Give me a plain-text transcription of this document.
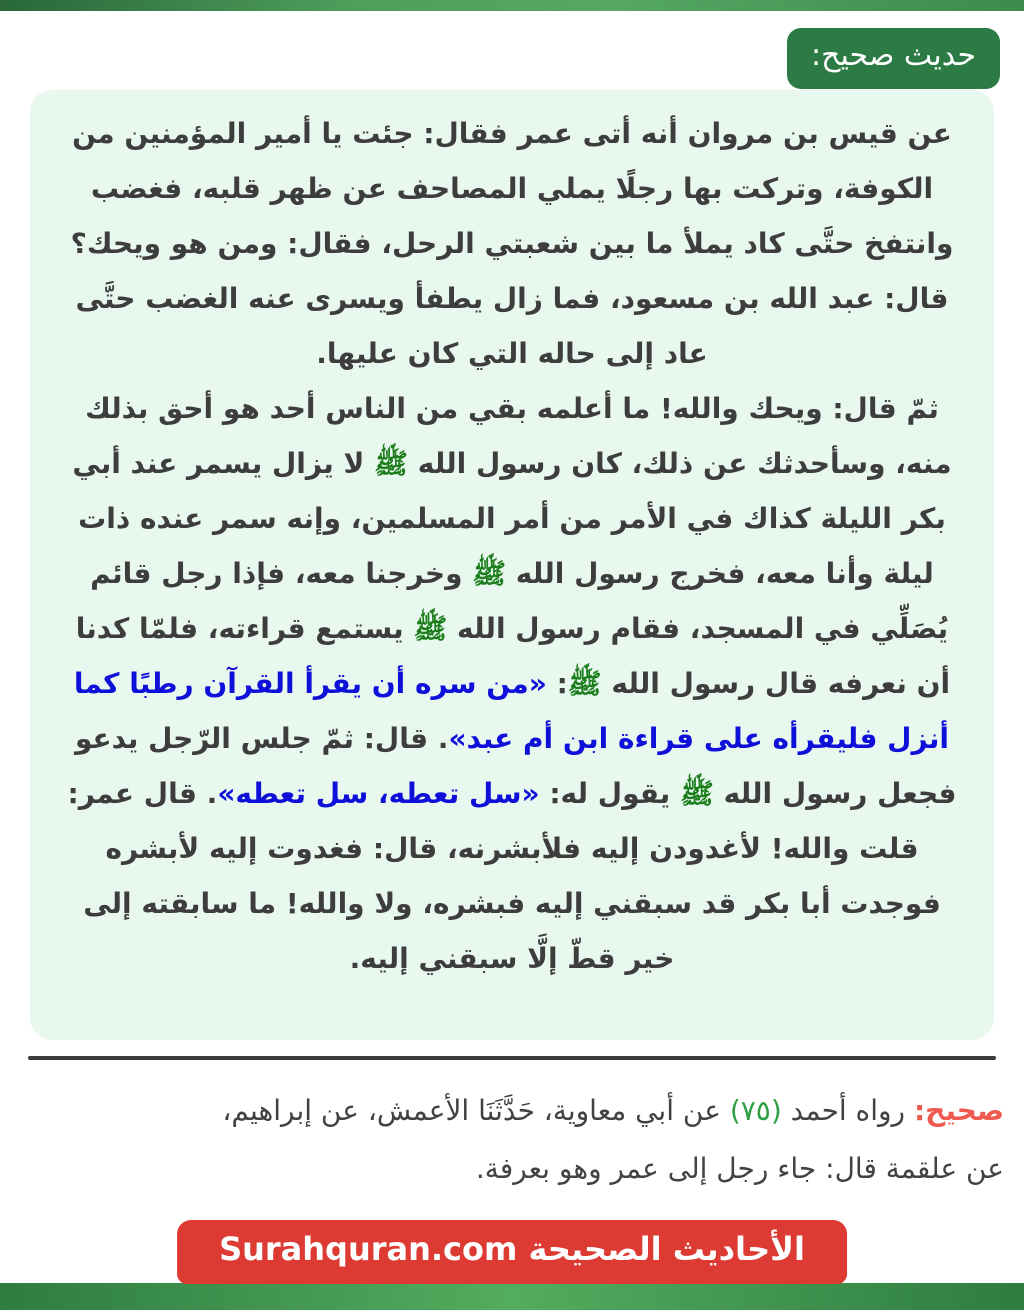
حديث صحيح:

عن قيس بن مروان أنه أتى عمر فقال: جئت يا أمير المؤمنين من الكوفة، وتركت بها رجلًا يملي المصاحف عن ظهر قلبه، فغضب وانتفخ حتَّى كاد يملأ ما بين شعبتي الرحل، فقال: ومن هو ويحك؟ قال: عبد الله بن مسعود، فما زال يطفأ ويسرى عنه الغضب حتَّى عاد إلى حاله التي كان عليها.

ثمّ قال: ويحك والله! ما أعلمه بقي من الناس أحد هو أحق بذلك منه، وسأحدثك عن ذلك، كان رسول الله ﷺ لا يزال يسمر عند أبي بكر الليلة كذاك في الأمر من أمر المسلمين، وإنه سمر عنده ذات ليلة وأنا معه، فخرج رسول الله ﷺ وخرجنا معه، فإذا رجل قائم يُصَلِّي في المسجد، فقام رسول الله ﷺ يستمع قراءته، فلمّا كدنا أن نعرفه قال رسول الله ﷺ: «من سره أن يقرأ القرآن رطبًا كما أنزل فليقرأه على قراءة ابن أم عبد». قال: ثمّ جلس الرّجل يدعو فجعل رسول الله ﷺ يقول له: «سل تعطه، سل تعطه». قال عمر: قلت والله! لأغدودن إليه فلأبشرنه، قال: فغدوت إليه لأبشره فوجدت أبا بكر قد سبقني إليه فبشره، ولا والله! ما سابقته إلى خير قطّ إلَّا سبقني إليه.

صحيح: رواه أحمد (٧٥) عن أبي معاوية، حَدَّثَنَا الأعمش، عن إبراهيم،
عن علقمة قال: جاء رجل إلى عمر وهو بعرفة.
الأحاديث الصحيحة Surahquran.com
